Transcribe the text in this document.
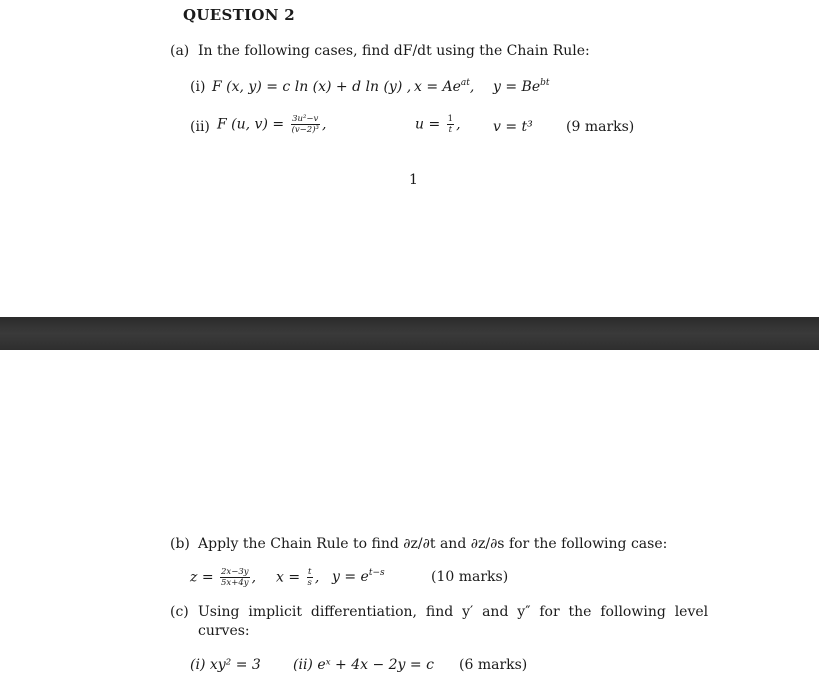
QUESTION 2
(a) In the following cases, find dF/dt using the Chain Rule:
(i) F (x, y) = c ln (x) + d ln (y) , $x = Ae^{at}$, $y = Be^{bt}$
(ii) F (u, $v) = \frac{\text{3u²−v}}{\text{(v−2)³}}$ ,	$u = \frac{1}{t}$ , v = t³ (9 marks)
1
(b) Apply the Chain Rule to find ∂z/∂t and ∂z/∂s for the following case:
$z = \frac{2x-3y}{5x+4y}$ , $x = \frac{t}{s}$ , $y = e^{t-s}$	(10 marks)
(c) Using  implicit  differentiation,  find  y′  and  y″  for  the  following  level
curves:
(i) xy² = 3 (ii) eˣ + 4x − 2y = c (6 marks)
